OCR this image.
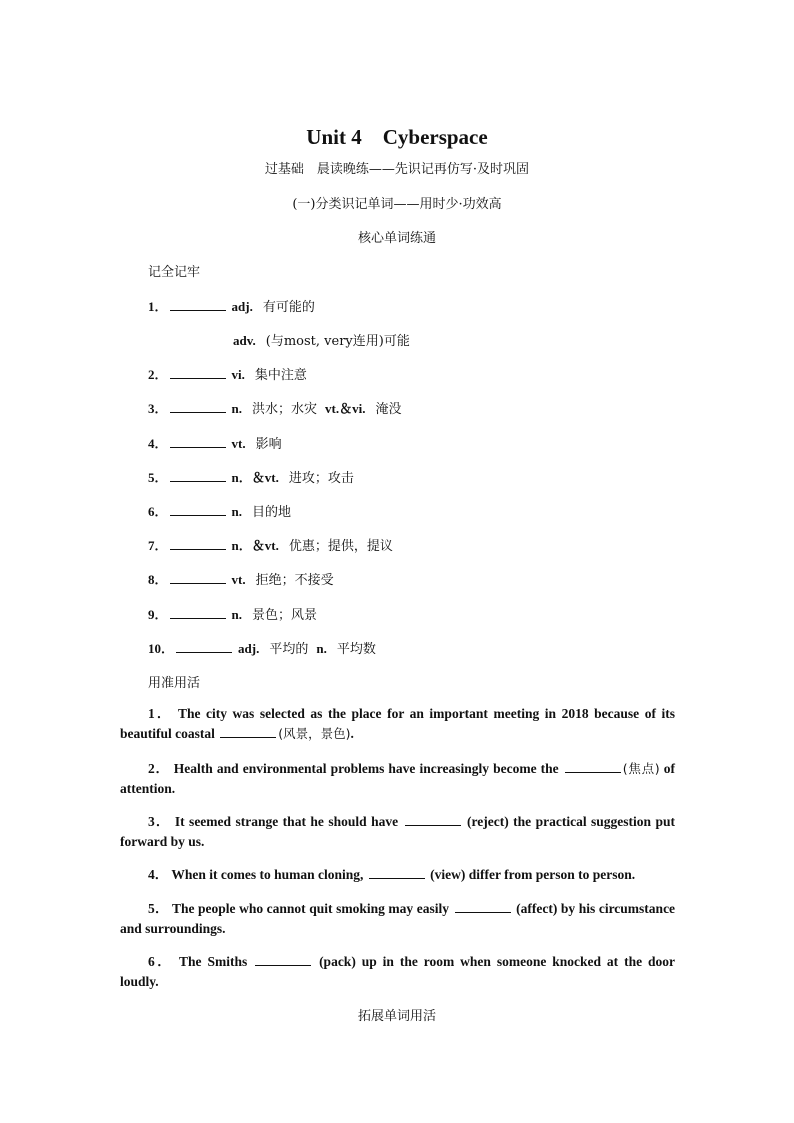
Unit 4　Cyberspace
过基础　晨读晚练——先识记再仿写·及时巩固
(一)分类识记单词——用时少·功效高
核心单词练通
记全记牢
1．	adj. 有可能的
adv. (与most, very连用)可能
2．	vi. 集中注意
3．	n. 洪水；水灾 vt.＆vi. 淹没
4．	vt. 影响
5．	n．＆vt. 进攻；攻击
6．	n. 目的地
7．	n．＆vt. 优惠；提供，提议
8．	vt. 拒绝；不接受
9．	n. 景色；风景
10．	adj. 平均的 n. 平均数
用准用活
1． The city was selected as the place for an important meeting in 2018 because of its beautiful coastal	(风景，景色).
2． Health and environmental problems have increasingly become the	(焦点) of attention.
3． It seemed strange that he should have	(reject) the practical suggestion put forward by us.
4． When it comes to human cloning,	(view) differ from person to person.
5． The people who cannot quit smoking may easily	(affect) by his circumstance and surroundings.
6． The Smiths	(pack) up in the room when someone knocked at the door loudly.
拓展单词用活
